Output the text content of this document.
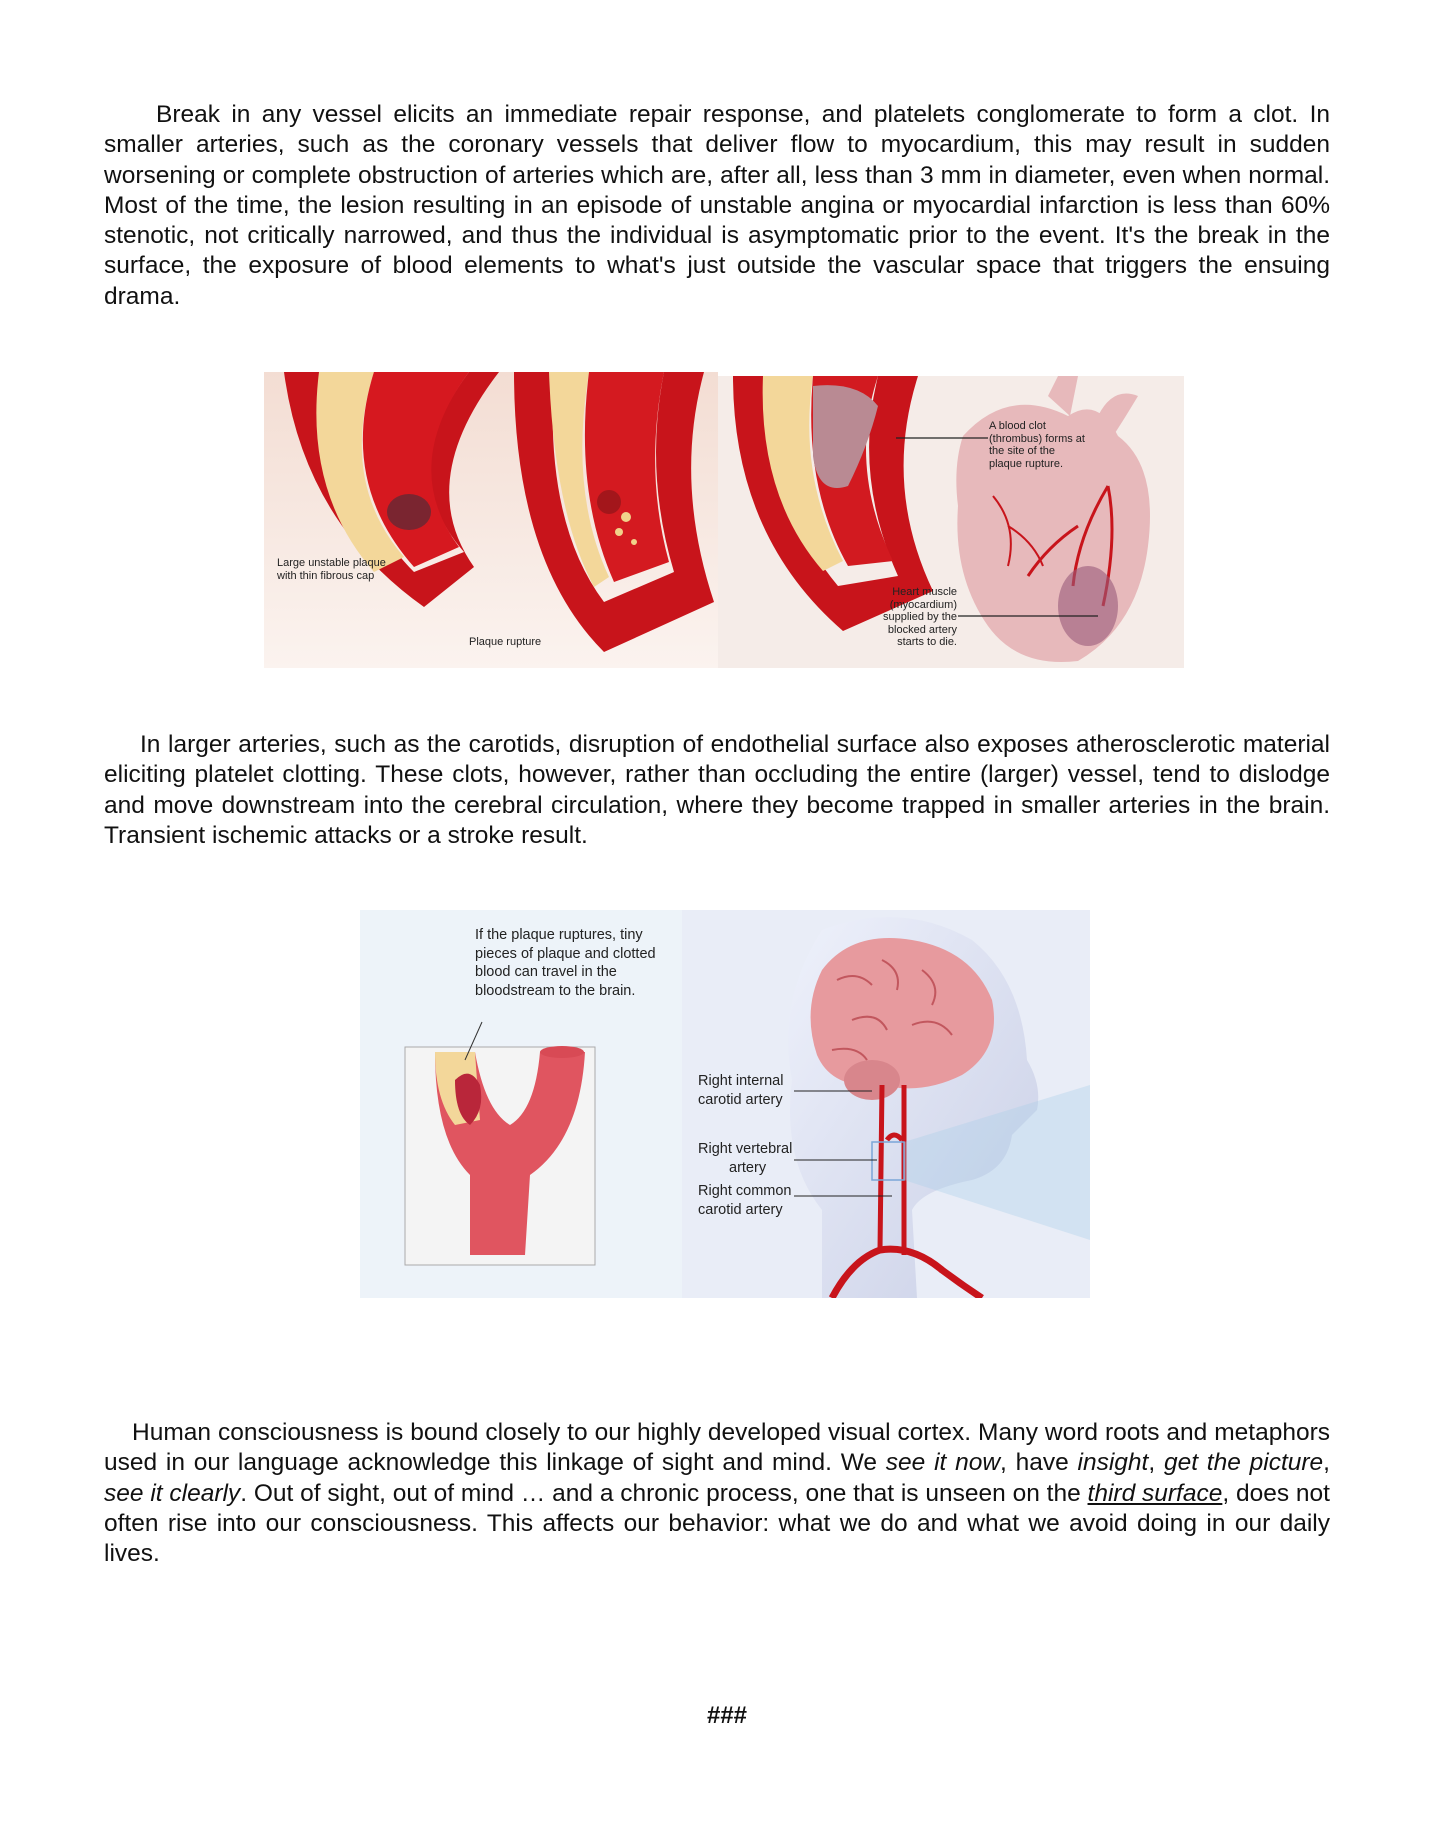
Break in any vessel elicits an immediate repair response, and platelets conglomerate to form a clot. In smaller arteries, such as the coronary vessels that deliver flow to myocardium, this may result in sudden worsening or complete obstruction of arteries which are, after all, less than 3 mm in diameter, even when normal. Most of the time, the lesion resulting in an episode of unstable angina or myocardial infarction is less than 60% stenotic, not critically narrowed, and thus the individual is asymptomatic prior to the event. It's the break in the surface, the exposure of blood elements to what's just outside the vascular space that triggers the ensuing drama.

Large unstable plaque with thin fibrous cap
Plaque rupture
A blood clot (thrombus) forms at the site of the plaque rupture.
Heart muscle (myocardium) supplied by the blocked artery starts to die.

In larger arteries, such as the carotids, disruption of endothelial surface also exposes atherosclerotic material eliciting platelet clotting. These clots, however, rather than occluding the entire (larger) vessel, tend to dislodge and move downstream into the cerebral circulation, where they become trapped in smaller arteries in the brain. Transient ischemic attacks or a stroke result.

If the plaque ruptures, tiny pieces of plaque and clotted blood can travel in the bloodstream to the brain.
Right internal
carotid artery
Right vertebral
artery
Right common
carotid artery

Human consciousness is bound closely to our highly developed visual cortex. Many word roots and metaphors used in our language acknowledge this linkage of sight and mind. We see it now, have insight, get the picture, see it clearly. Out of sight, out of mind … and a chronic process, one that is unseen on the third surface, does not often rise into our consciousness. This affects our behavior: what we do and what we avoid doing in our daily lives.

###
